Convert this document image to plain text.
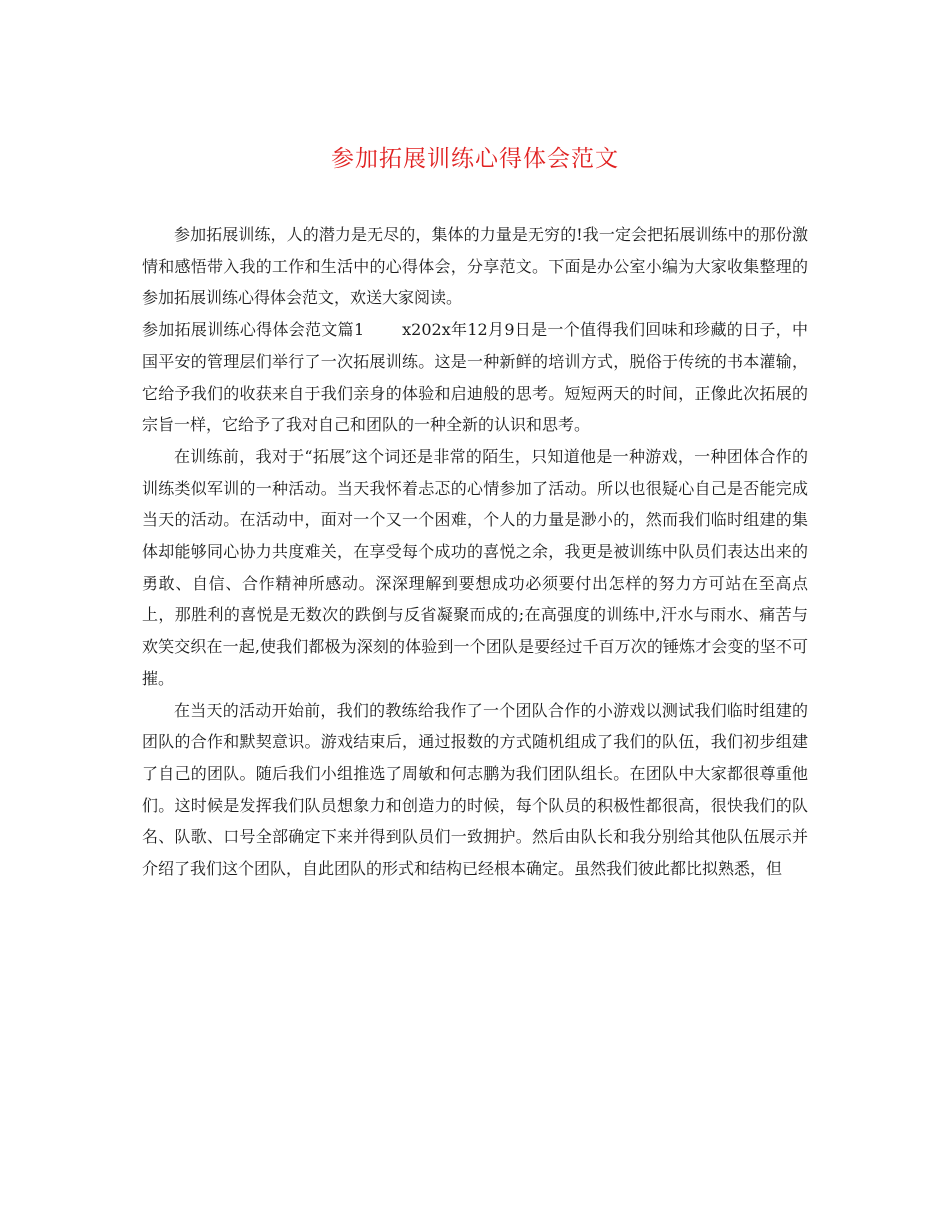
参加拓展训练心得体会范文

参加拓展训练，人的潜力是无尽的，集体的力量是无穷的!我一定会把拓展训练中的那份激情和感悟带入我的工作和生活中的心得体会，分享范文。下面是办公室小编为大家收集整理的参加拓展训练心得体会范文，欢送大家阅读。

参加拓展训练心得体会范文篇1 x202x年12月9日是一个值得我们回味和珍藏的日子，中国平安的管理层们举行了一次拓展训练。这是一种新鲜的培训方式，脱俗于传统的书本灌输，它给予我们的收获来自于我们亲身的体验和启迪般的思考。短短两天的时间，正像此次拓展的宗旨一样，它给予了我对自己和团队的一种全新的认识和思考。

在训练前，我对于“拓展″这个词还是非常的陌生，只知道他是一种游戏，一种团体合作的训练类似军训的一种活动。当天我怀着忐忑的心情参加了活动。所以也很疑心自己是否能完成当天的活动。在活动中，面对一个又一个困难，个人的力量是渺小的，然而我们临时组建的集体却能够同心协力共度难关，在享受每个成功的喜悦之余，我更是被训练中队员们表达出来的勇敢、自信、合作精神所感动。深深理解到要想成功必须要付出怎样的努力方可站在至高点上，那胜利的喜悦是无数次的跌倒与反省凝聚而成的;在高强度的训练中,汗水与雨水、痛苦与欢笑交织在一起,使我们都极为深刻的体验到一个团队是要经过千百万次的锤炼才会变的坚不可摧。

在当天的活动开始前，我们的教练给我作了一个团队合作的小游戏以测试我们临时组建的团队的合作和默契意识。游戏结束后，通过报数的方式随机组成了我们的队伍，我们初步组建了自己的团队。随后我们小组推选了周敏和何志鹏为我们团队组长。在团队中大家都很尊重他们。这时候是发挥我们队员想象力和创造力的时候，每个队员的积极性都很高，很快我们的队名、队歌、口号全部确定下来并得到队员们一致拥护。然后由队长和我分别给其他队伍展示并介绍了我们这个团队，自此团队的形式和结构已经根本确定。虽然我们彼此都比拟熟悉，但
